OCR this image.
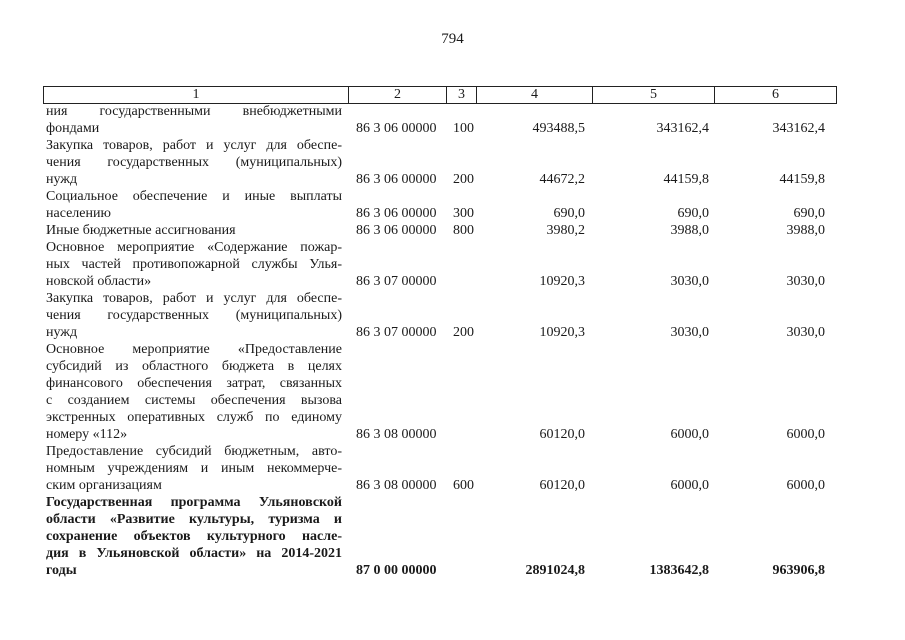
794
1	2	3	4	5	6
ния государственными внебюджетными
фондами	86 3 06 00000 100	493488,5	343162,4	343162,4
Закупка товаров, работ и услуг для обеспе-
чения государственных (муниципальных)
нужд	86 3 06 00000 200	44672,2	44159,8	44159,8
Социальное обеспечение и иные выплаты
населению	86 3 06 00000 300	690,0	690,0	690,0
Иные бюджетные ассигнования	86 3 06 00000 800	3980,2	3988,0	3988,0
Основное мероприятие «Содержание пожар-
ных частей противопожарной службы Улья-
новской области»	86 3 07 00000	10920,3	3030,0	3030,0
Закупка товаров, работ и услуг для обеспе-
чения государственных (муниципальных)
нужд	86 3 07 00000 200	10920,3	3030,0	3030,0
Основное мероприятие «Предоставление
субсидий из областного бюджета в целях
финансового обеспечения затрат, связанных
с созданием системы обеспечения вызова
экстренных оперативных служб по единому
номеру «112»	86 3 08 00000	60120,0	6000,0	6000,0
Предоставление субсидий бюджетным, авто-
номным учреждениям и иным некоммерче-
ским организациям	86 3 08 00000 600	60120,0	6000,0	6000,0
Государственная программа Ульяновской
области «Развитие культуры, туризма и
сохранение объектов культурного насле-
дия в Ульяновской области» на 2014-2021
годы	87 0 00 00000	2891024,8	1383642,8	963906,8
